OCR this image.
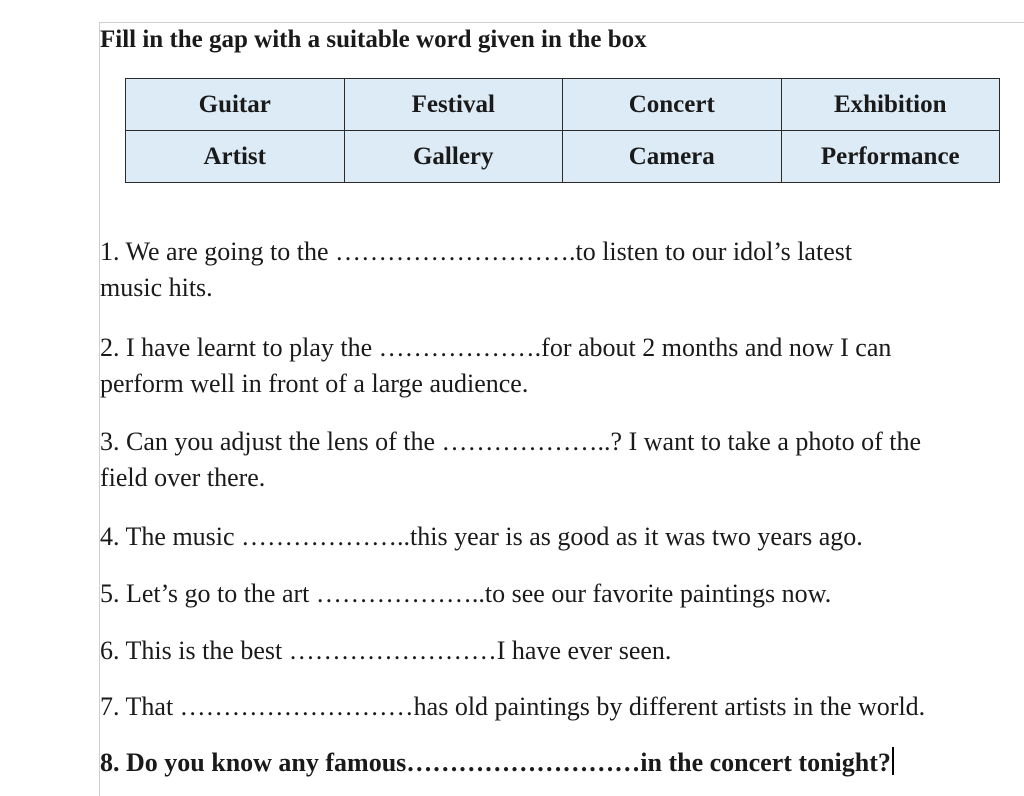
Fill in the gap with a suitable word given in the box
Guitar	Festival	Concert	Exhibition
Artist	Gallery	Camera	Performance
1. We are going to the ……………………….to listen to our idol’s latest
music hits.
2. I have learnt to play the ……………….for about 2 months and now I can
perform well in front of a large audience.
3. Can you adjust the lens of the ………………..? I want to take a photo of the
field over there.
4. The music ………………..this year is as good as it was two years ago.
5. Let’s go to the art ………………..to see our favorite paintings now.
6. This is the best ……………………I have ever seen.
7. That ………………………has old paintings by different artists in the world.
8. Do you know any famous………………………in the concert tonight?
